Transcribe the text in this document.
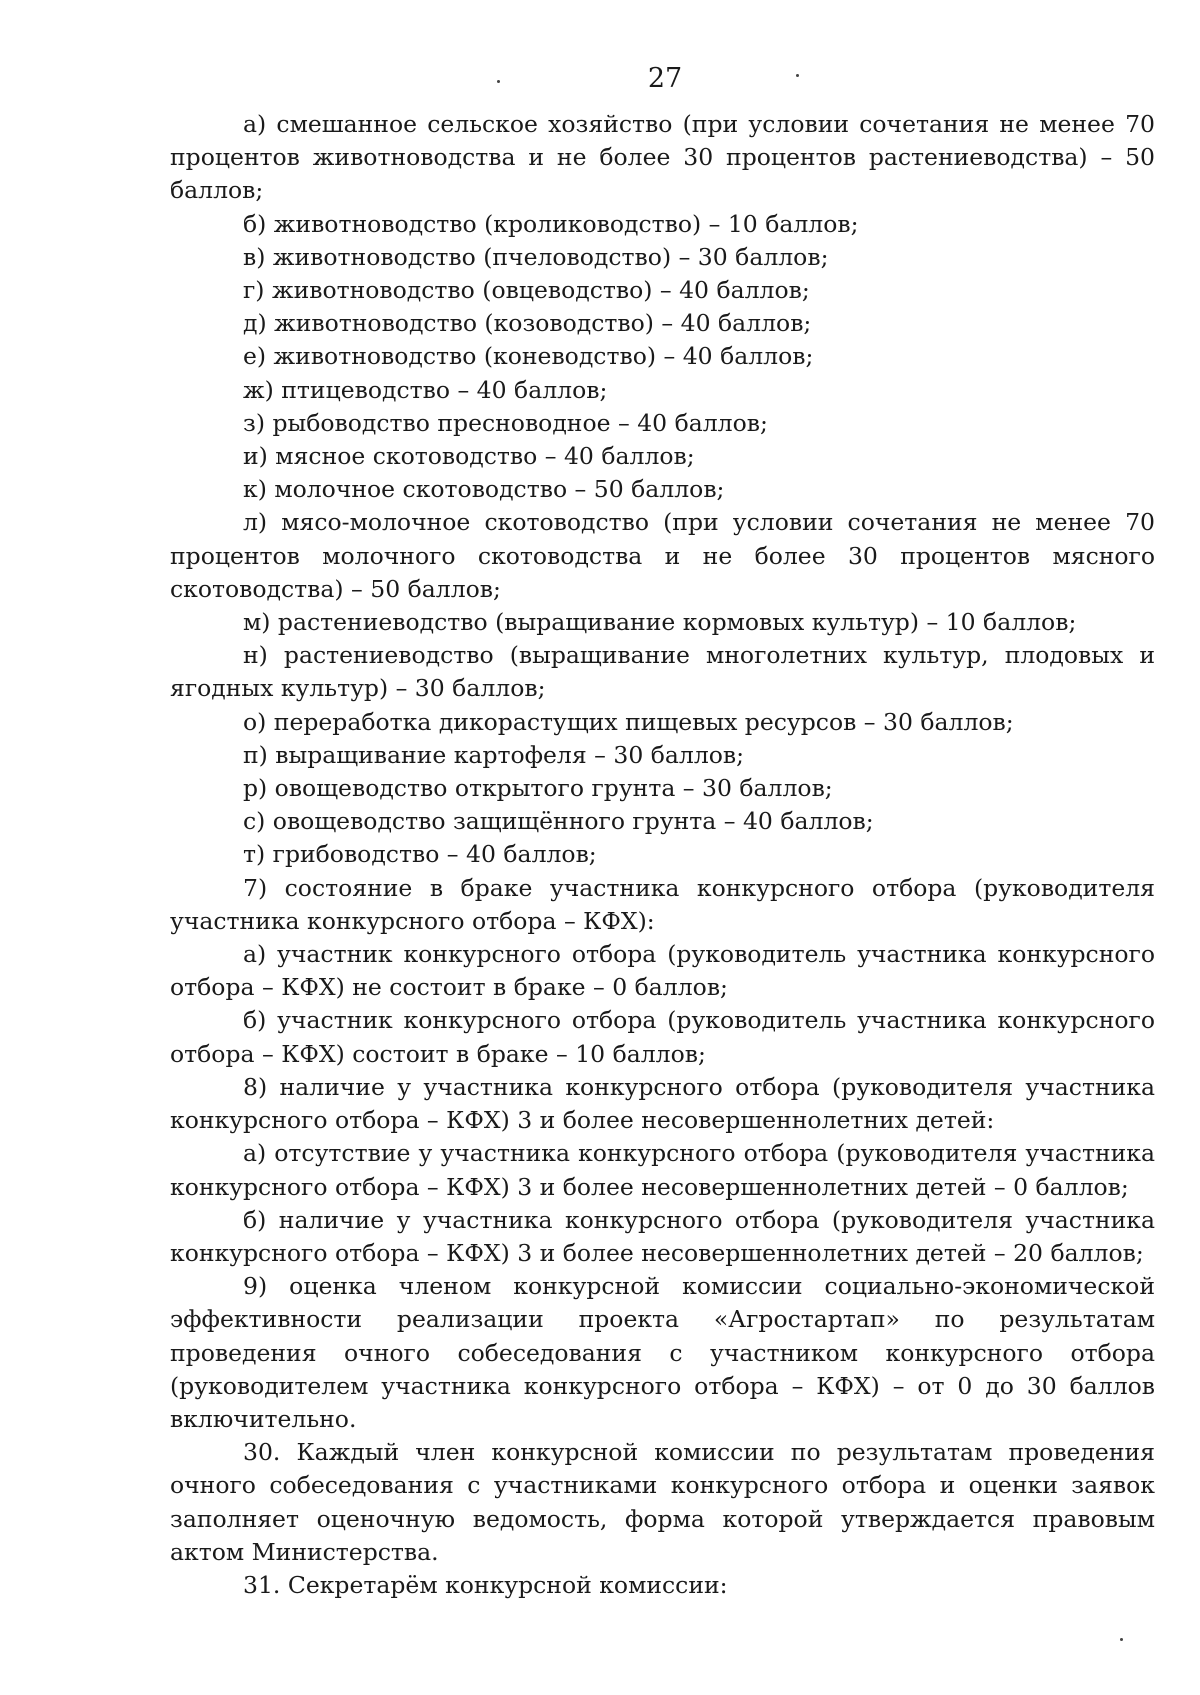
27

а) смешанное сельское хозяйство (при условии сочетания не менее 70 процентов животноводства и не более 30 процентов растениеводства) – 50 баллов;

б) животноводство (кролиководство) – 10 баллов;

в) животноводство (пчеловодство) – 30 баллов;

г) животноводство (овцеводство) – 40 баллов;

д) животноводство (козоводство) – 40 баллов;

е) животноводство (коневодство) – 40 баллов;

ж) птицеводство – 40 баллов;

з) рыбоводство пресноводное – 40 баллов;

и) мясное скотоводство – 40 баллов;

к) молочное скотоводство – 50 баллов;

л) мясо-молочное скотоводство (при условии сочетания не менее 70 процентов молочного скотоводства и не более 30 процентов мясного скотоводства) – 50 баллов;

м) растениеводство (выращивание кормовых культур) – 10 баллов;

н) растениеводство (выращивание многолетних культур, плодовых и ягодных культур) – 30 баллов;

о) переработка дикорастущих пищевых ресурсов – 30 баллов;

п) выращивание картофеля – 30 баллов;

р) овощеводство открытого грунта – 30 баллов;

с) овощеводство защищённого грунта – 40 баллов;

т) грибоводство – 40 баллов;

7) состояние в браке участника конкурсного отбора (руководителя участника конкурсного отбора – КФХ):

а) участник конкурсного отбора (руководитель участника конкурсного отбора – КФХ) не состоит в браке – 0 баллов;

б) участник конкурсного отбора (руководитель участника конкурсного отбора – КФХ) состоит в браке – 10 баллов;

8) наличие у участника конкурсного отбора (руководителя участника конкурсного отбора – КФХ) 3 и более несовершеннолетних детей:

а) отсутствие у участника конкурсного отбора (руководителя участника конкурсного отбора – КФХ) 3 и более несовершеннолетних детей – 0 баллов;

б) наличие у участника конкурсного отбора (руководителя участника конкурсного отбора – КФХ) 3 и более несовершеннолетних детей – 20 баллов;

9) оценка членом конкурсной комиссии социально-экономической эффективности реализации проекта «Агростартап» по результатам проведения очного собеседования с участником конкурсного отбора (руководителем участника конкурсного отбора – КФХ) – от 0 до 30 баллов включительно.

30. Каждый член конкурсной комиссии по результатам проведения очного собеседования с участниками конкурсного отбора и оценки заявок заполняет оценочную ведомость, форма которой утверждается правовым актом Министерства.

31. Секретарём конкурсной комиссии:
